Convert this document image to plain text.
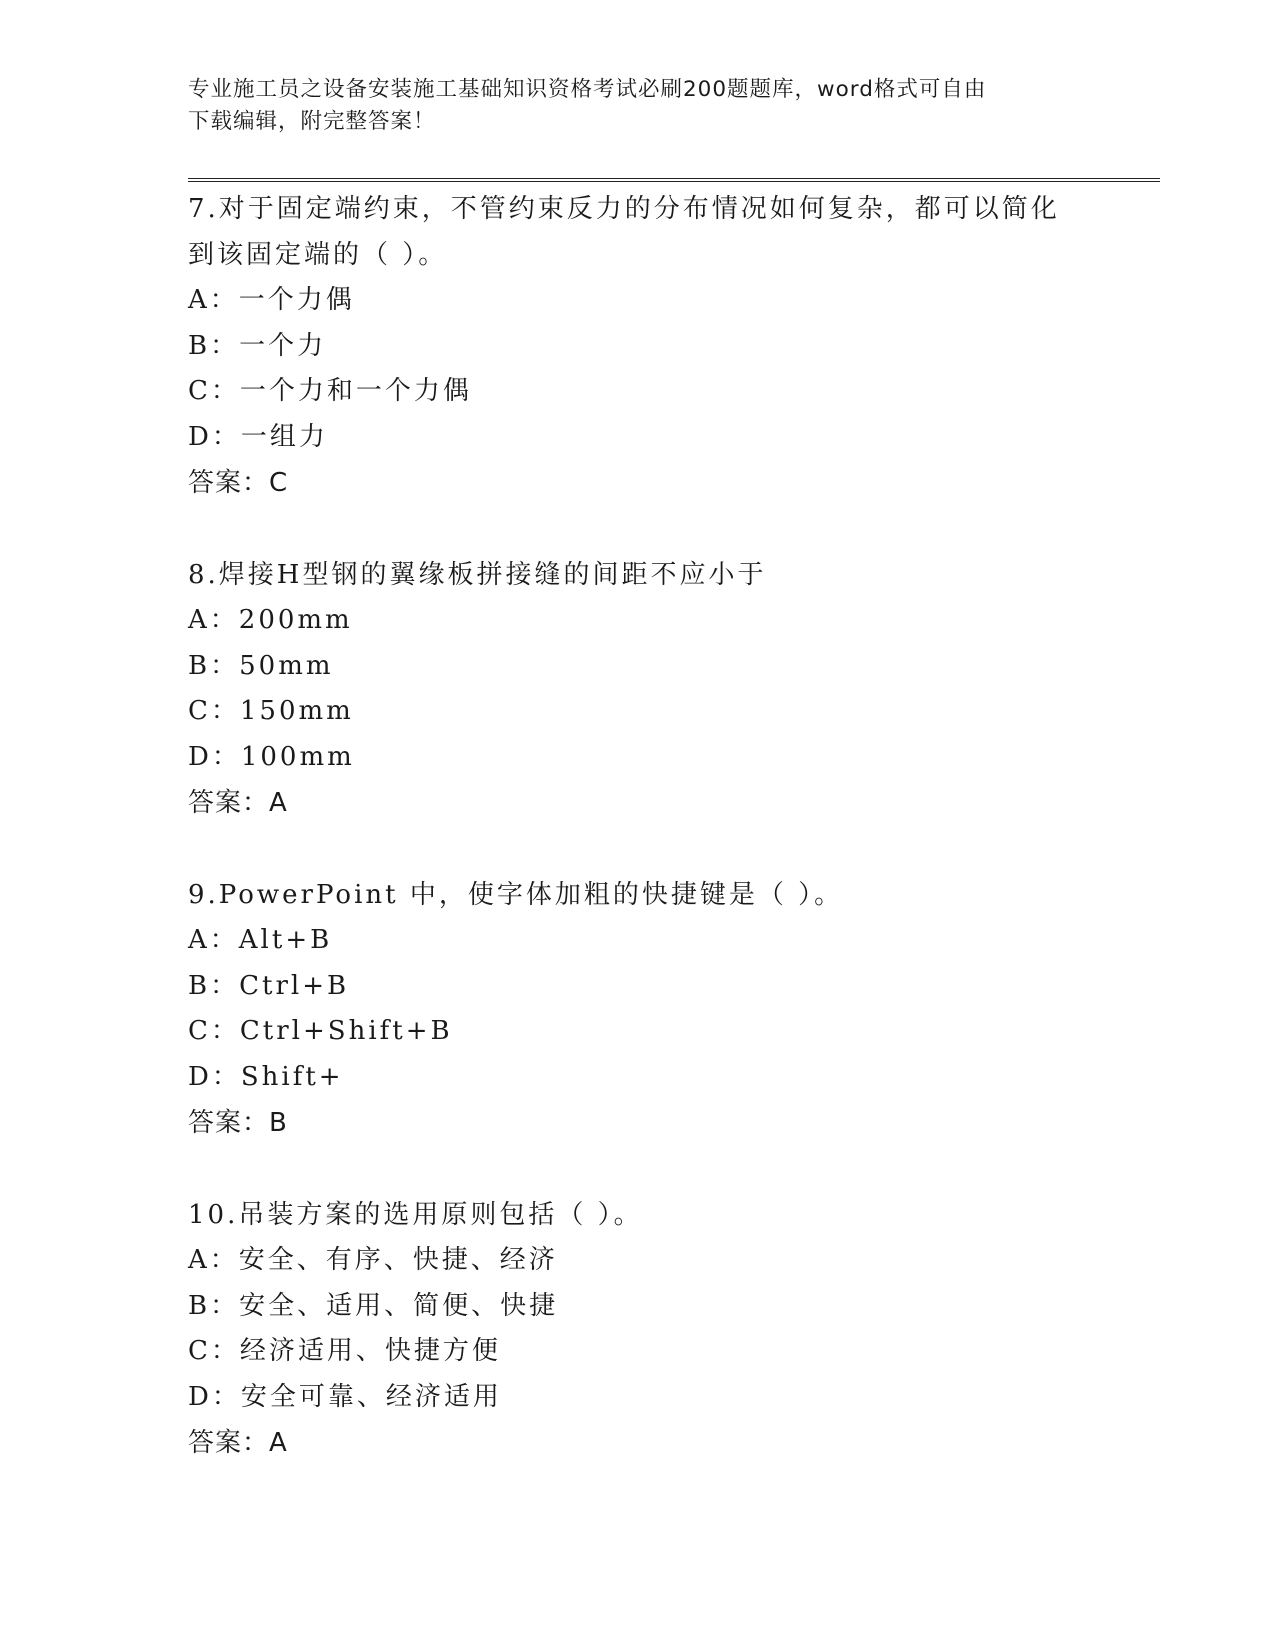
专业施工员之设备安装施工基础知识资格考试必刷200题题库，word格式可自由
下载编辑，附完整答案！
7.对于固定端约束，不管约束反力的分布情况如何复杂，都可以简化
到该固定端的（ ）。
A：一个力偶
B：一个力
C：一个力和一个力偶
D：一组力
答案：C
8.焊接H型钢的翼缘板拼接缝的间距不应小于
A：200mm
B：50mm
C：150mm
D：100mm
答案：A
9.PowerPoint 中，使字体加粗的快捷键是（ ）。
A：Alt+B
B：Ctrl+B
C：Ctrl+Shift+B
D：Shift+
答案：B
10.吊装方案的选用原则包括（ ）。
A：安全、有序、快捷、经济
B：安全、适用、简便、快捷
C：经济适用、快捷方便
D：安全可靠、经济适用
答案：A
